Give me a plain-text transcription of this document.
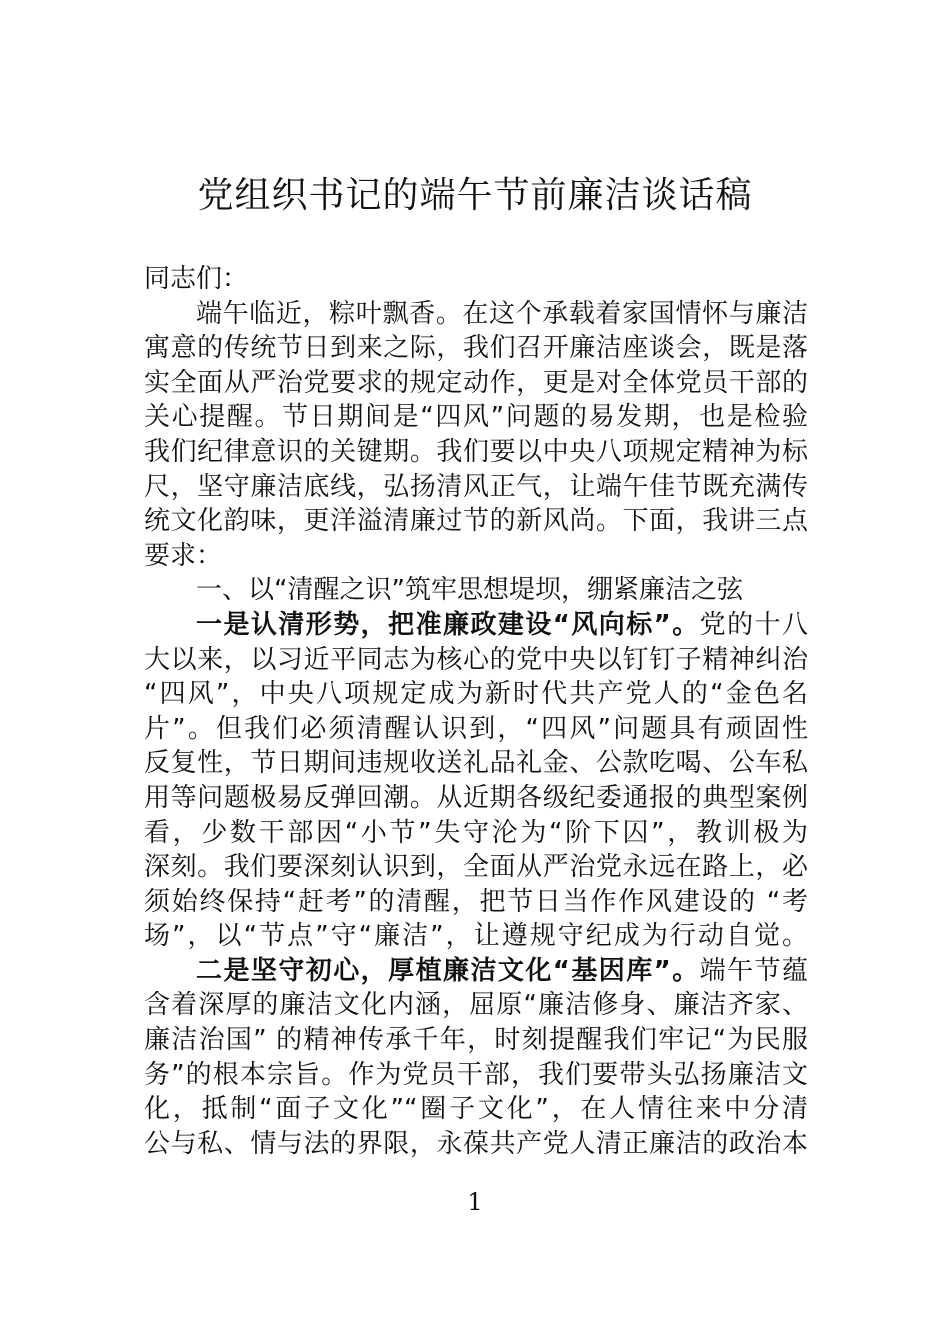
党组织书记的端午节前廉洁谈话稿
同志们：
端午临近，粽叶飘香。在这个承载着家国情怀与廉洁
寓意的传统节日到来之际，我们召开廉洁座谈会，既是落
实全面从严治党要求的规定动作，更是对全体党员干部的
关心提醒。节日期间是“四风”问题的易发期，也是检验
我们纪律意识的关键期。我们要以中央八项规定精神为标
尺，坚守廉洁底线，弘扬清风正气，让端午佳节既充满传
统文化韵味，更洋溢清廉过节的新风尚。下面，我讲三点
要求：
一、以“清醒之识”筑牢思想堤坝，绷紧廉洁之弦
一是认清形势，把准廉政建设“风向标”。党的十八
大以来，以习近平同志为核心的党中央以钉钉子精神纠治
“四风”，中央八项规定成为新时代共产党人的“金色名
片”。但我们必须清醒认识到，“四风”问题具有顽固性
反复性，节日期间违规收送礼品礼金、公款吃喝、公车私
用等问题极易反弹回潮。从近期各级纪委通报的典型案例
看，少数干部因“小节”失守沦为“阶下囚”，教训极为
深刻。我们要深刻认识到，全面从严治党永远在路上，必
须始终保持“赶考”的清醒，把节日当作作风建设的 “考
场”，以“节点”守“廉洁”，让遵规守纪成为行动自觉。
二是坚守初心，厚植廉洁文化“基因库”。端午节蕴
含着深厚的廉洁文化内涵，屈原“廉洁修身、廉洁齐家、
廉洁治国” 的精神传承千年，时刻提醒我们牢记“为民服
务”的根本宗旨。作为党员干部，我们要带头弘扬廉洁文
化，抵制“面子文化”“圈子文化”，在人情往来中分清
公与私、情与法的界限，永葆共产党人清正廉洁的政治本
1
